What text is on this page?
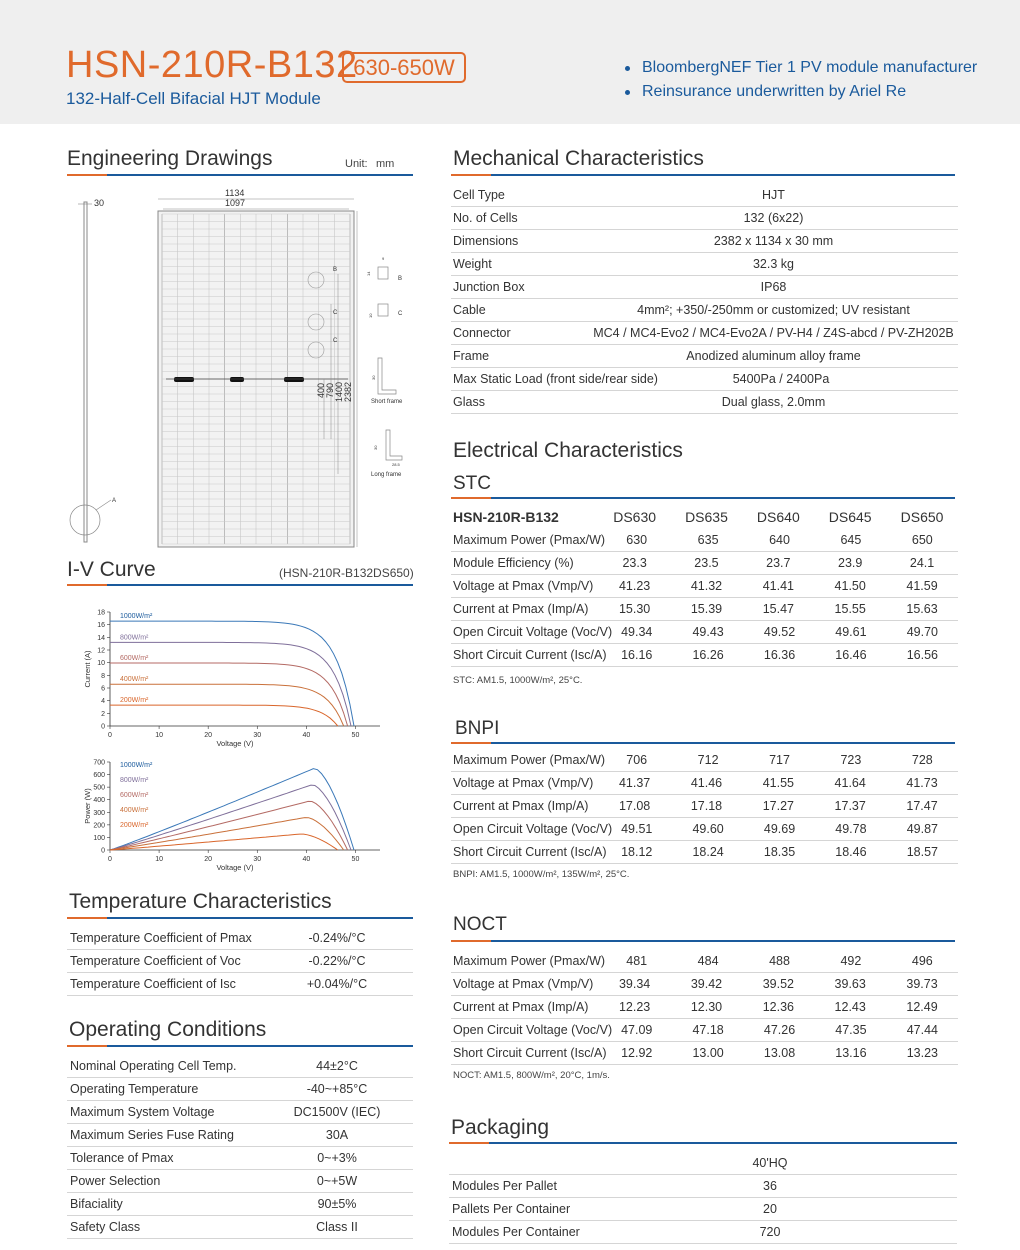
HSN-210R-B132
630-650W
132-Half-Cell Bifacial HJT Module
BloombergNEF Tier 1 PV module manufacturer
Reinsurance underwritten by Ariel Re
Engineering Drawings	Unit: mm
30
A
1134
1097
400 790 1400 2382
B
C
C
9
14
B
10	C
30
Short frame
30
28.5
Long frame
I-V Curve	(HSN-210R-B132DS650)
0	10	20	30	40	50
0
2
4
6
8
10
12
14
16
18
Voltage (V)
Current (A)
1000W/m²
800W/m²
600W/m²
400W/m²
200W/m²
0	10	20	30	40	50
0
100
200
300
400
500
600
700
Voltage (V)
Power (W)
1000W/m²
800W/m²
600W/m²
400W/m²
200W/m²
Temperature Characteristics
Temperature Coefficient of Pmax	-0.24%/°C
Temperature Coefficient of Voc	-0.22%/°C
Temperature Coefficient of Isc	+0.04%/°C
Operating Conditions
Nominal Operating Cell Temp.	44±2°C
Operating Temperature	-40~+85°C
Maximum System Voltage	DC1500V (IEC)
Maximum Series Fuse Rating	30A
Tolerance of Pmax	0~+3%
Power Selection	0~+5W
Bifaciality	90±5%
Safety Class	Class II
Mechanical Characteristics
Cell Type	HJT
No. of Cells	132 (6x22)
Dimensions	2382 x 1134 x 30 mm
Weight	32.3 kg
Junction Box	IP68
Cable	4mm²; +350/-250mm or customized; UV resistant
Connector	MC4 / MC4-Evo2 / MC4-Evo2A / PV-H4 / Z4S-abcd / PV-ZH202B
Frame	Anodized aluminum alloy frame
Max Static Load (front side/rear side)	5400Pa / 2400Pa
Glass	Dual glass, 2.0mm
Electrical Characteristics
STC
HSN-210R-B132	DS630	DS635	DS640	DS645	DS650
Maximum Power (Pmax/W)	630	635	640	645	650
Module Efficiency (%)	23.3	23.5	23.7	23.9	24.1
Voltage at Pmax (Vmp/V)	41.23	41.32	41.41	41.50	41.59
Current at Pmax (Imp/A)	15.30	15.39	15.47	15.55	15.63
Open Circuit Voltage (Voc/V) 49.34	49.43	49.52	49.61	49.70
Short Circuit Current (Isc/A)	16.16	16.26	16.36	16.46	16.56
STC: AM1.5, 1000W/m², 25°C.
BNPI
Maximum Power (Pmax/W)	706	712	717	723	728
Voltage at Pmax (Vmp/V)	41.37	41.46	41.55	41.64	41.73
Current at Pmax (Imp/A)	17.08	17.18	17.27	17.37	17.47
Open Circuit Voltage (Voc/V) 49.51	49.60	49.69	49.78	49.87
Short Circuit Current (Isc/A)	18.12	18.24	18.35	18.46	18.57
BNPI: AM1.5, 1000W/m², 135W/m², 25°C.
NOCT
Maximum Power (Pmax/W)	481	484	488	492	496
Voltage at Pmax (Vmp/V)	39.34	39.42	39.52	39.63	39.73
Current at Pmax (Imp/A)	12.23	12.30	12.36	12.43	12.49
Open Circuit Voltage (Voc/V) 47.09	47.18	47.26	47.35	47.44
Short Circuit Current (Isc/A)	12.92	13.00	13.08	13.16	13.23
NOCT: AM1.5, 800W/m², 20°C, 1m/s.
Packaging
40'HQ
Modules Per Pallet	36
Pallets Per Container	20
Modules Per Container	720
